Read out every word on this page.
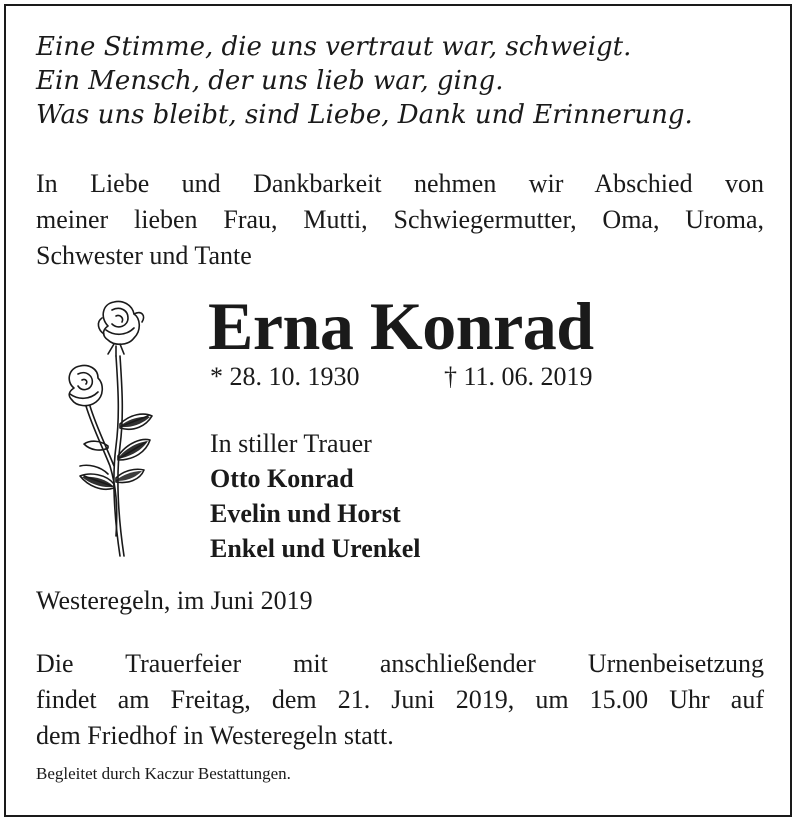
Eine Stimme, die uns vertraut war, schweigt.
Ein Mensch, der uns lieb war, ging.
Was uns bleibt, sind Liebe, Dank und Erinnerung.
In Liebe und Dankbarkeit nehmen wir Abschied von
meiner lieben Frau, Mutti, Schwiegermutter, Oma, Uroma,
Schwester und Tante
Erna Konrad
* 28. 10. 1930	† 11. 06. 2019
In stiller Trauer
Otto Konrad
Evelin und Horst
Enkel und Urenkel
Westeregeln, im Juni 2019
Die Trauerfeier mit anschließender Urnenbeisetzung
findet am Freitag, dem 21. Juni 2019, um 15.00 Uhr auf
dem Friedhof in Westeregeln statt.
Begleitet durch Kaczur Bestattungen.
